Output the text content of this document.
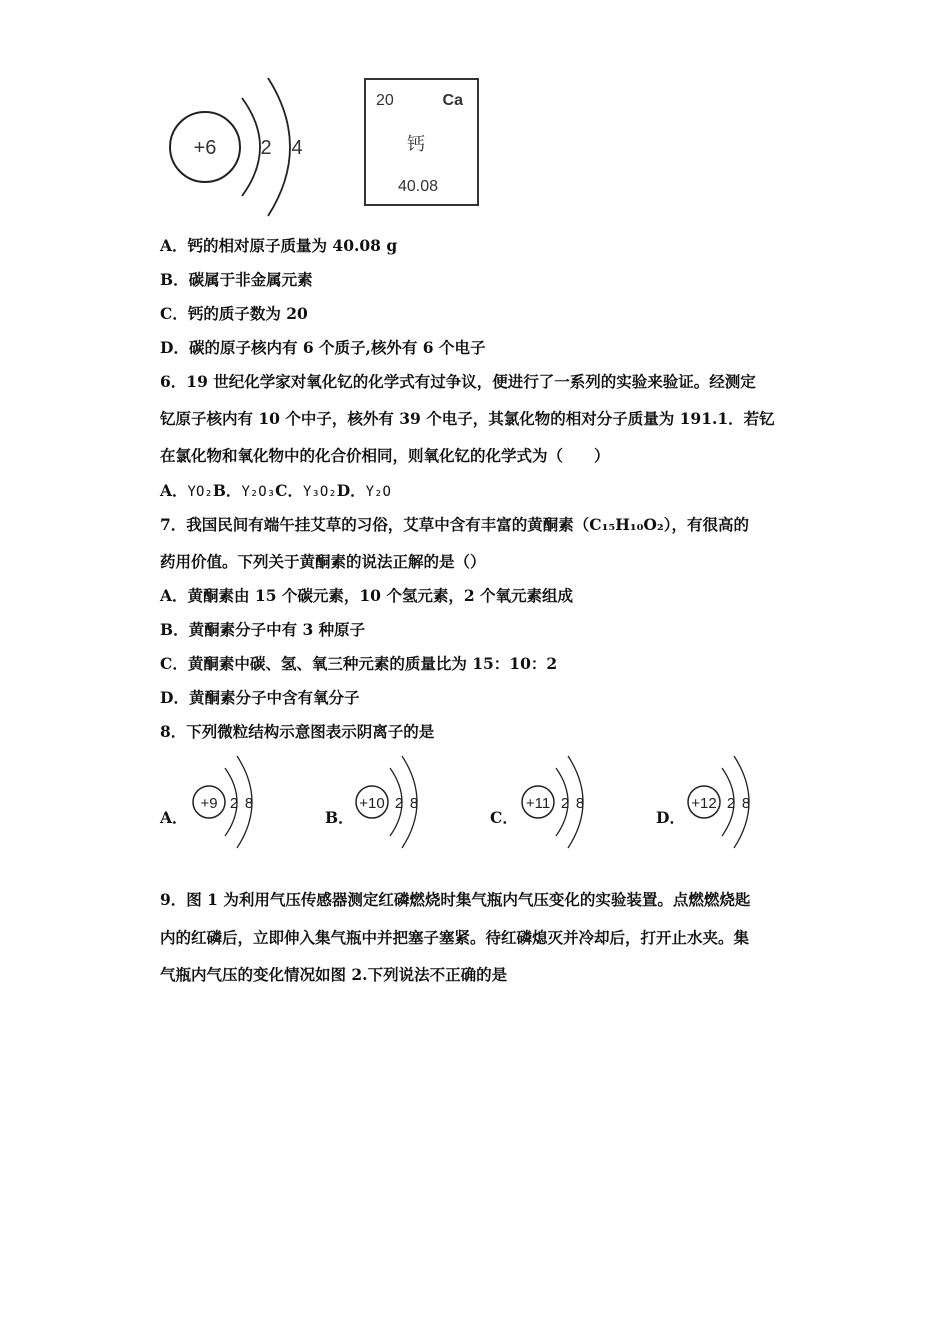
+6 2 4
20	Ca
钙
40.08
A．钙的相对原子质量为 40.08 g
B．碳属于非金属元素
C．钙的质子数为 20
D．碳的原子核内有 6 个质子,核外有 6 个电子
6．19 世纪化学家对氧化钇的化学式有过争议，便进行了一系列的实验来验证。经测定
钇原子核内有 10 个中子，核外有 39 个电子，其氯化物的相对分子质量为 191.1．若钇
在氯化物和氧化物中的化合价相同，则氧化钇的化学式为（　　）
A．YO₂B．Y₂O₃C．Y₃O₂D．Y₂O
7．我国民间有端午挂艾草的习俗，艾草中含有丰富的黄酮素（C₁₅H₁₀O₂），有很高的
药用价值。下列关于黄酮素的说法正解的是（）
A．黄酮素由 15 个碳元素，10 个氢元素，2 个氧元素组成
B．黄酮素分子中有 3 种原子
C．黄酮素中碳、氢、氧三种元素的质量比为 15：10：2
D．黄酮素分子中含有氧分子
8．下列微粒结构示意图表示阴离子的是
A．
+9 2 8
B．
+10 2 8
C．
+11 2 8
D．
+12 2 8
9．图 1 为利用气压传感器测定红磷燃烧时集气瓶内气压变化的实验装置。点燃燃烧匙
内的红磷后，立即伸入集气瓶中并把塞子塞紧。待红磷熄灭并冷却后，打开止水夹。集
气瓶内气压的变化情况如图 2.下列说法不正确的是
